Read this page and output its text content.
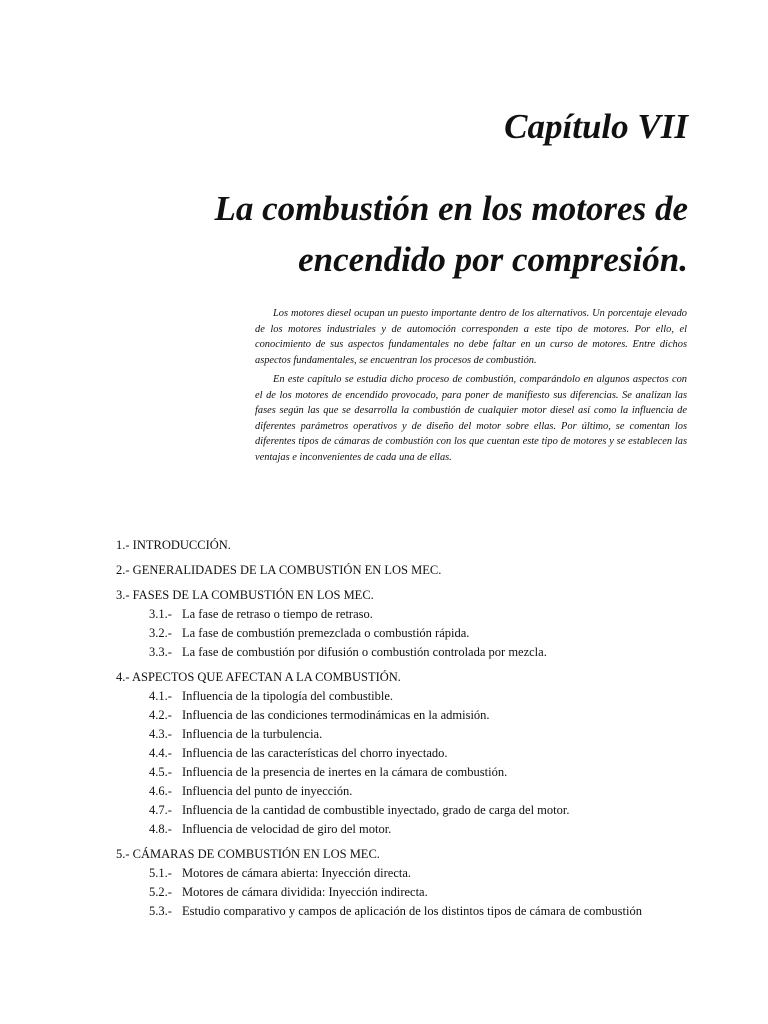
Capítulo VII
La combustión en los motores de encendido por compresión.

Los motores diesel ocupan un puesto importante dentro de los alternativos. Un porcentaje elevado de los motores industriales y de automoción corresponden a este tipo de motores. Por ello, el conocimiento de sus aspectos fundamentales no debe faltar en un curso de motores. Entre dichos aspectos fundamentales, se encuentran los procesos de combustión.

En este capítulo se estudia dicho proceso de combustión, comparándolo en algunos aspectos con el de los motores de encendido provocado, para poner de manifiesto sus diferencias. Se analizan las fases según las que se desarrolla la combustión de cualquier motor diesel así como la influencia de diferentes parámetros operativos y de diseño del motor sobre ellas. Por último, se comentan los diferentes tipos de cámaras de combustión con los que cuentan este tipo de motores y se establecen las ventajas e inconvenientes de cada una de ellas.

1.- INTRODUCCIÓN.
2.- GENERALIDADES DE LA COMBUSTIÓN EN LOS MEC.
3.- FASES DE LA COMBUSTIÓN EN LOS MEC.
3.1.- La fase de retraso o tiempo de retraso.
3.2.- La fase de combustión premezclada o combustión rápida.
3.3.- La fase de combustión por difusión o combustión controlada por mezcla.
4.- ASPECTOS QUE AFECTAN A LA COMBUSTIÓN.
4.1.- Influencia de la tipología del combustible.
4.2.- Influencia de las condiciones termodinámicas en la admisión.
4.3.- Influencia de la turbulencia.
4.4.- Influencia de las características del chorro inyectado.
4.5.- Influencia de la presencia de inertes en la cámara de combustión.
4.6.- Influencia del punto de inyección.
4.7.- Influencia de la cantidad de combustible inyectado, grado de carga del motor.
4.8.- Influencia de velocidad de giro del motor.
5.- CÁMARAS DE COMBUSTIÓN EN LOS MEC.
5.1.- Motores de cámara abierta: Inyección directa.
5.2.- Motores de cámara dividida: Inyección indirecta.
5.3.- Estudio comparativo y campos de aplicación de los distintos tipos de cámara de combustión
